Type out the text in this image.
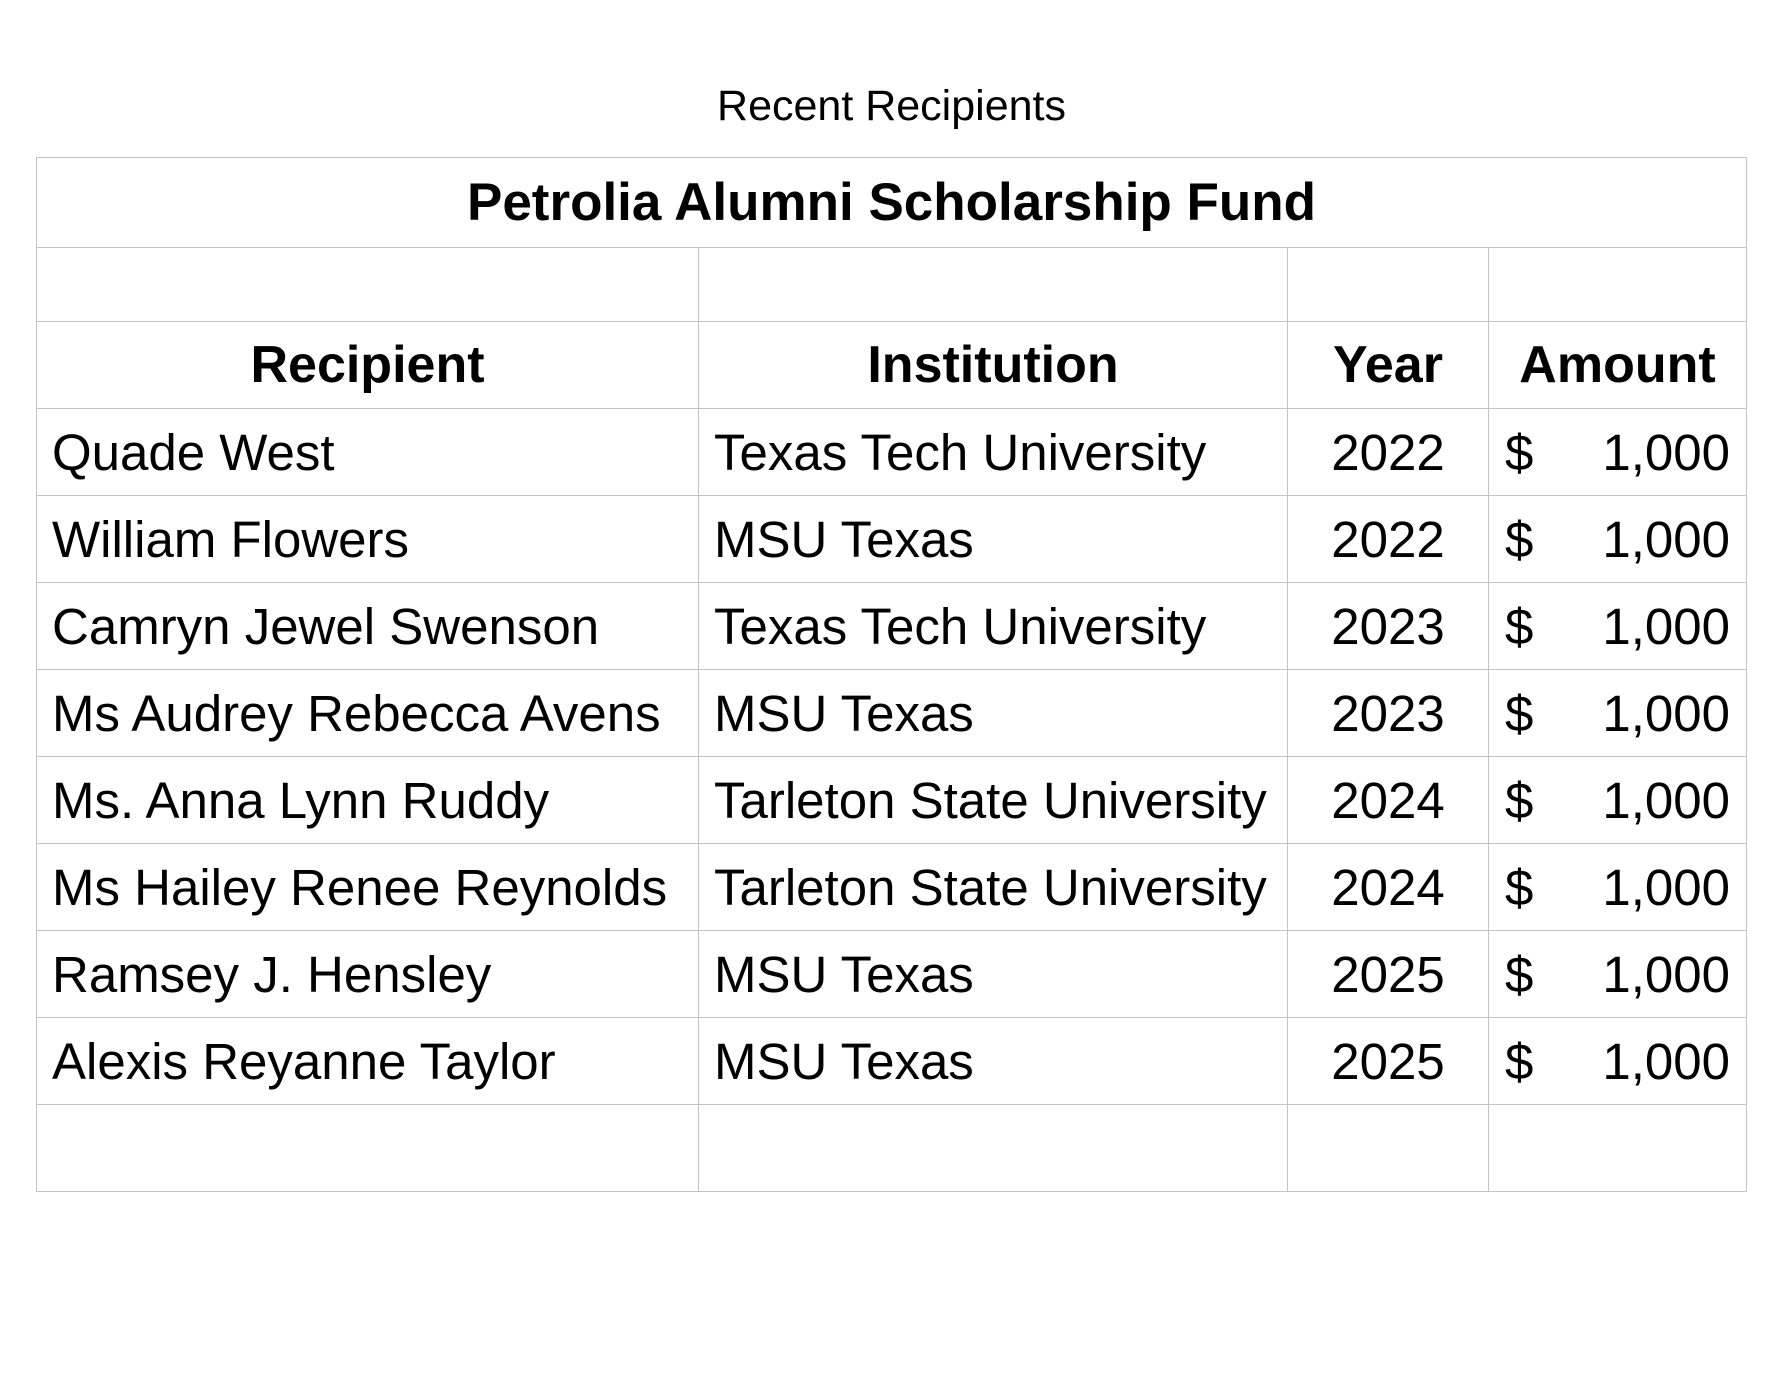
Recent Recipients
Petrolia Alumni Scholarship Fund			

Recipient	Institution	Year	Amount
Quade West	Texas Tech University	2022	$ 1,000

William Flowers	MSU Texas	2022	$ 1,000

Camryn Jewel Swenson	Texas Tech University	2023	$ 1,000

Ms Audrey Rebecca Avens	MSU Texas	2023	$ 1,000

Ms. Anna Lynn Ruddy	Tarleton State University	2024	$ 1,000

Ms Hailey Renee Reynolds	Tarleton State University	2024	$ 1,000

Ramsey J. Hensley	MSU Texas	2025	$ 1,000

Alexis Reyanne Taylor	MSU Texas	2025	$ 1,000
